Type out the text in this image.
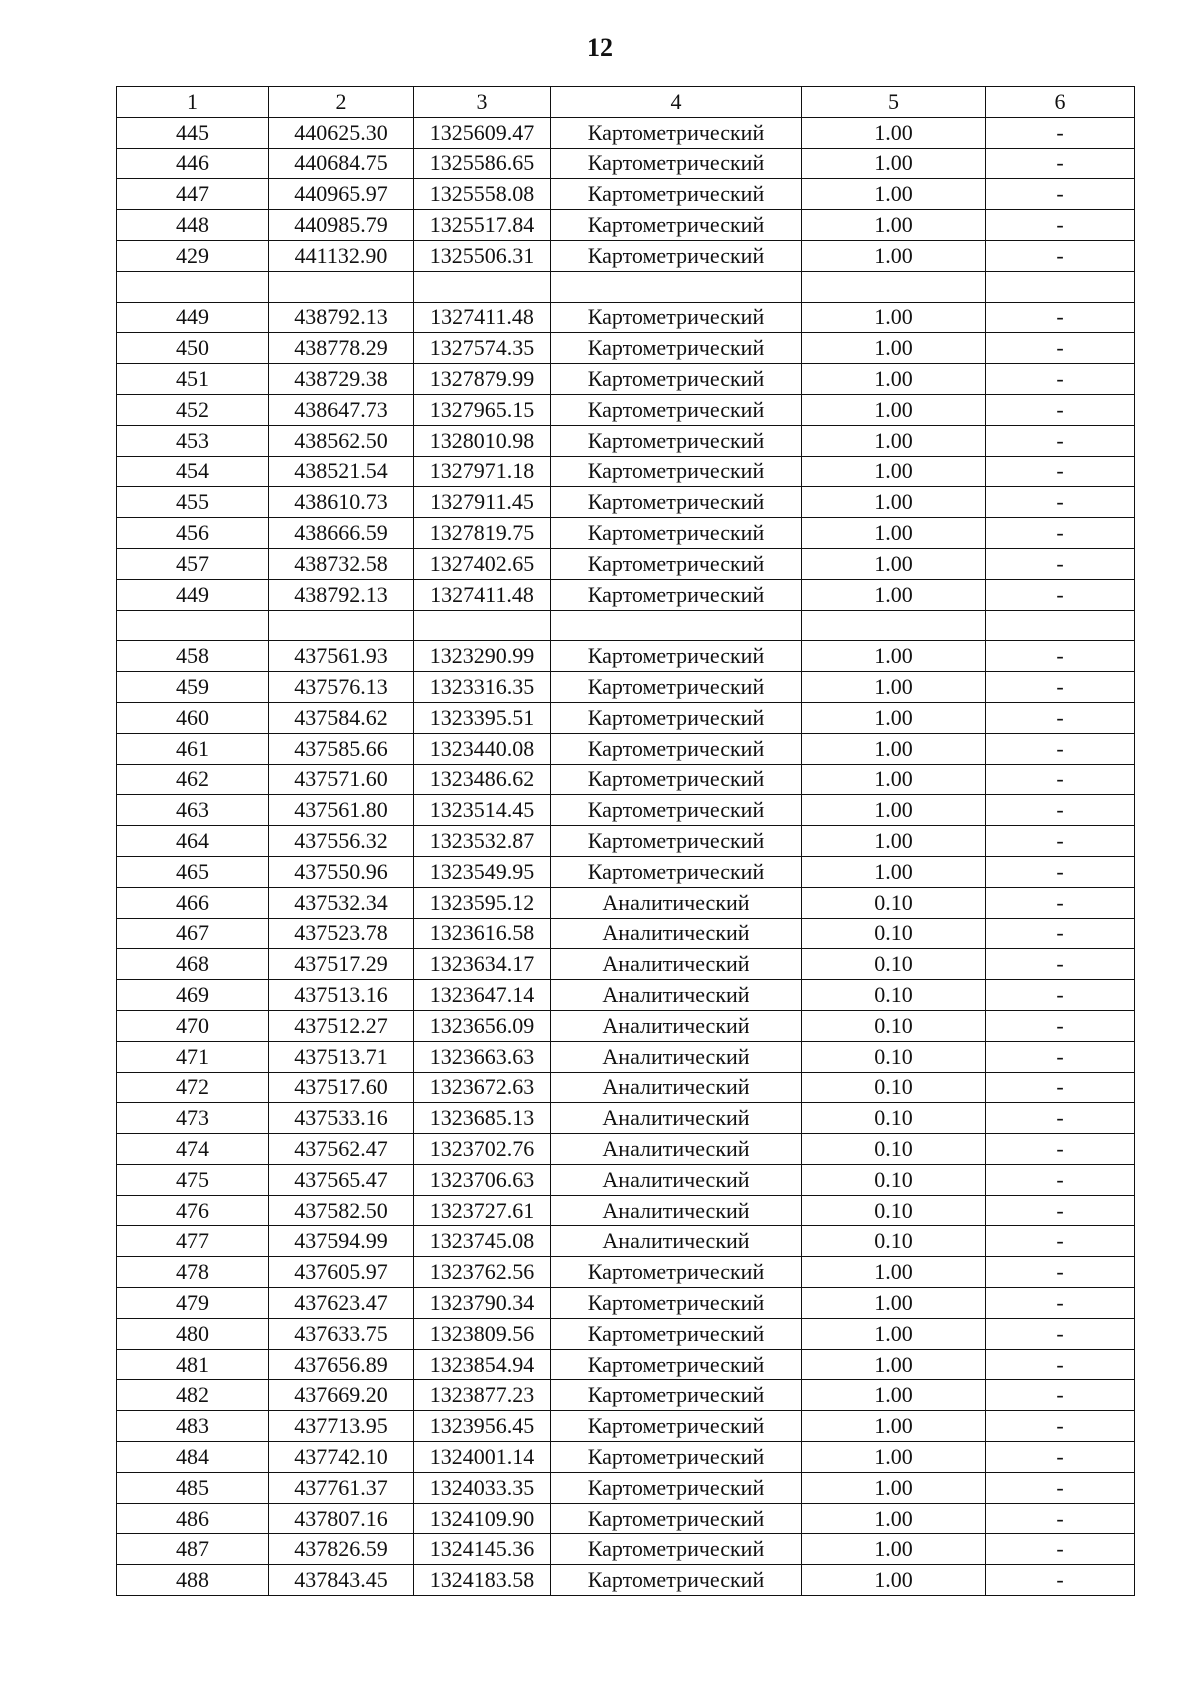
12
1	2	3	4	5	6
445	440625.30	1325609.47	Картометрический	1.00	-
446	440684.75	1325586.65	Картометрический	1.00	-
447	440965.97	1325558.08	Картометрический	1.00	-
448	440985.79	1325517.84	Картометрический	1.00	-
429	441132.90	1325506.31	Картометрический	1.00	-

449	438792.13	1327411.48	Картометрический	1.00	-
450	438778.29	1327574.35	Картометрический	1.00	-
451	438729.38	1327879.99	Картометрический	1.00	-
452	438647.73	1327965.15	Картометрический	1.00	-
453	438562.50	1328010.98	Картометрический	1.00	-
454	438521.54	1327971.18	Картометрический	1.00	-
455	438610.73	1327911.45	Картометрический	1.00	-
456	438666.59	1327819.75	Картометрический	1.00	-
457	438732.58	1327402.65	Картометрический	1.00	-
449	438792.13	1327411.48	Картометрический	1.00	-

458	437561.93	1323290.99	Картометрический	1.00	-
459	437576.13	1323316.35	Картометрический	1.00	-
460	437584.62	1323395.51	Картометрический	1.00	-
461	437585.66	1323440.08	Картометрический	1.00	-
462	437571.60	1323486.62	Картометрический	1.00	-
463	437561.80	1323514.45	Картометрический	1.00	-
464	437556.32	1323532.87	Картометрический	1.00	-
465	437550.96	1323549.95	Картометрический	1.00	-
466	437532.34	1323595.12	Аналитический	0.10	-
467	437523.78	1323616.58	Аналитический	0.10	-
468	437517.29	1323634.17	Аналитический	0.10	-
469	437513.16	1323647.14	Аналитический	0.10	-
470	437512.27	1323656.09	Аналитический	0.10	-
471	437513.71	1323663.63	Аналитический	0.10	-
472	437517.60	1323672.63	Аналитический	0.10	-
473	437533.16	1323685.13	Аналитический	0.10	-
474	437562.47	1323702.76	Аналитический	0.10	-
475	437565.47	1323706.63	Аналитический	0.10	-
476	437582.50	1323727.61	Аналитический	0.10	-
477	437594.99	1323745.08	Аналитический	0.10	-
478	437605.97	1323762.56	Картометрический	1.00	-
479	437623.47	1323790.34	Картометрический	1.00	-
480	437633.75	1323809.56	Картометрический	1.00	-
481	437656.89	1323854.94	Картометрический	1.00	-
482	437669.20	1323877.23	Картометрический	1.00	-
483	437713.95	1323956.45	Картометрический	1.00	-
484	437742.10	1324001.14	Картометрический	1.00	-
485	437761.37	1324033.35	Картометрический	1.00	-
486	437807.16	1324109.90	Картометрический	1.00	-
487	437826.59	1324145.36	Картометрический	1.00	-
488	437843.45	1324183.58	Картометрический	1.00	-
